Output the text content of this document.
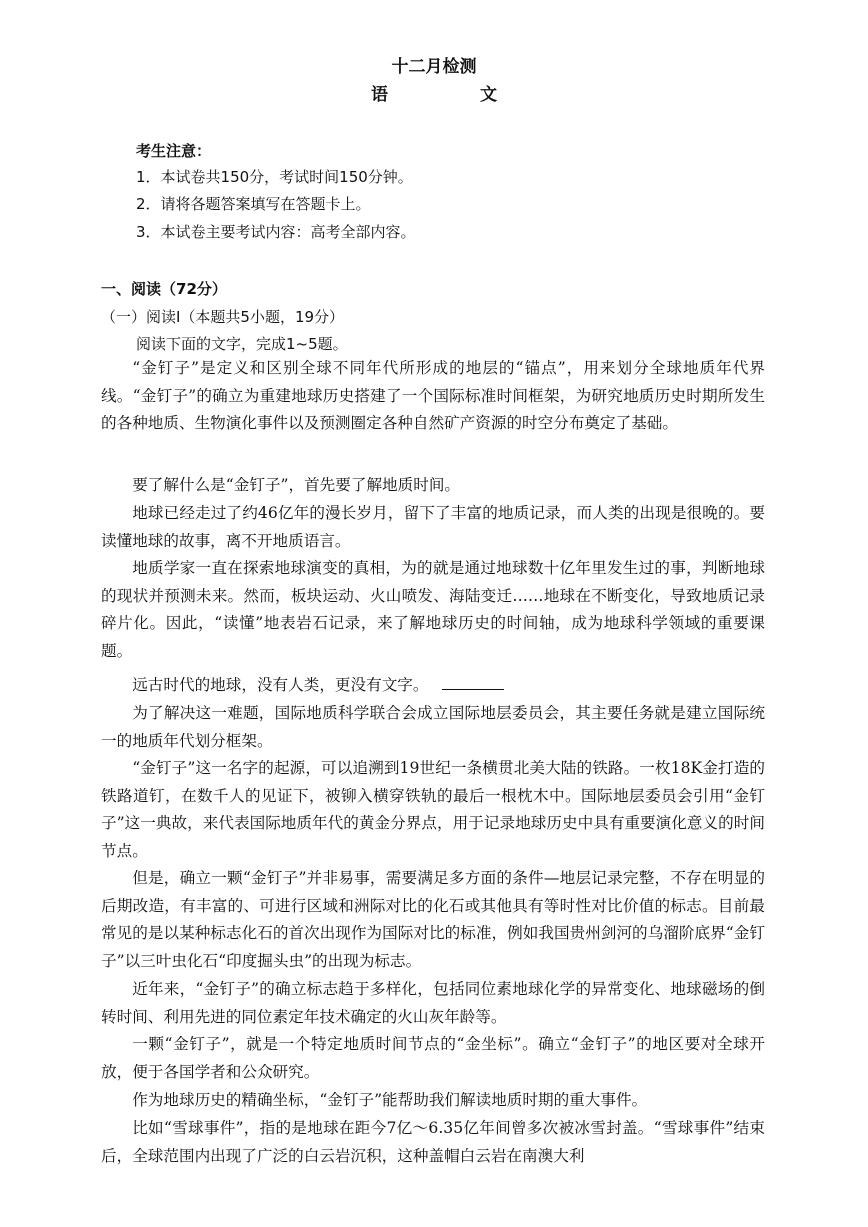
十二月检测
语	文
考生注意：
1．本试卷共150分，考试时间150分钟。
2．请将各题答案填写在答题卡上。
3．本试卷主要考试内容：高考全部内容。
一、阅读（72分）
（一）阅读I（本题共5小题，19分）
阅读下面的文字，完成1~5题。

“金钉子”是定义和区别全球不同年代所形成的地层的“锚点”，用来划分全球地质年代界线。“金钉子”的确立为重建地球历史搭建了一个国际标准时间框架，为研究地质历史时期所发生的各种地质、生物演化事件以及预测圈定各种自然矿产资源的时空分布奠定了基础。

要了解什么是“金钉子”，首先要了解地质时间。

地球已经走过了约46亿年的漫长岁月，留下了丰富的地质记录，而人类的出现是很晚的。要读懂地球的故事，离不开地质语言。

地质学家一直在探索地球演变的真相，为的就是通过地球数十亿年里发生过的事，判断地球的现状并预测未来。然而，板块运动、火山喷发、海陆变迁……地球在不断变化，导致地质记录碎片化。因此，“读懂”地表岩石记录，来了解地球历史的时间轴，成为地球科学领域的重要课题。

远古时代的地球，没有人类，更没有文字。

为了解决这一难题，国际地质科学联合会成立国际地层委员会，其主要任务就是建立国际统一的地质年代划分框架。

“金钉子”这一名字的起源，可以追溯到19世纪一条横贯北美大陆的铁路。一枚18K金打造的铁路道钉，在数千人的见证下，被铆入横穿铁轨的最后一根枕木中。国际地层委员会引用“金钉子”这一典故，来代表国际地质年代的黄金分界点，用于记录地球历史中具有重要演化意义的时间节点。

但是，确立一颗“金钉子”并非易事，需要满足多方面的条件—地层记录完整，不存在明显的后期改造，有丰富的、可进行区域和洲际对比的化石或其他具有等时性对比价值的标志。目前最常见的是以某种标志化石的首次出现作为国际对比的标准，例如我国贵州剑河的乌溜阶底界“金钉子”以三叶虫化石“印度掘头虫”的出现为标志。

近年来，“金钉子”的确立标志趋于多样化，包括同位素地球化学的异常变化、地球磁场的倒转时间、利用先进的同位素定年技术确定的火山灰年龄等。

一颗“金钉子”，就是一个特定地质时间节点的“金坐标”。确立“金钉子”的地区要对全球开放，便于各国学者和公众研究。

作为地球历史的精确坐标，“金钉子”能帮助我们解读地质时期的重大事件。

比如“雪球事件”，指的是地球在距今7亿～6.35亿年间曾多次被冰雪封盖。“雪球事件”结束后，全球范围内出现了广泛的白云岩沉积，这种盖帽白云岩在南澳大利
